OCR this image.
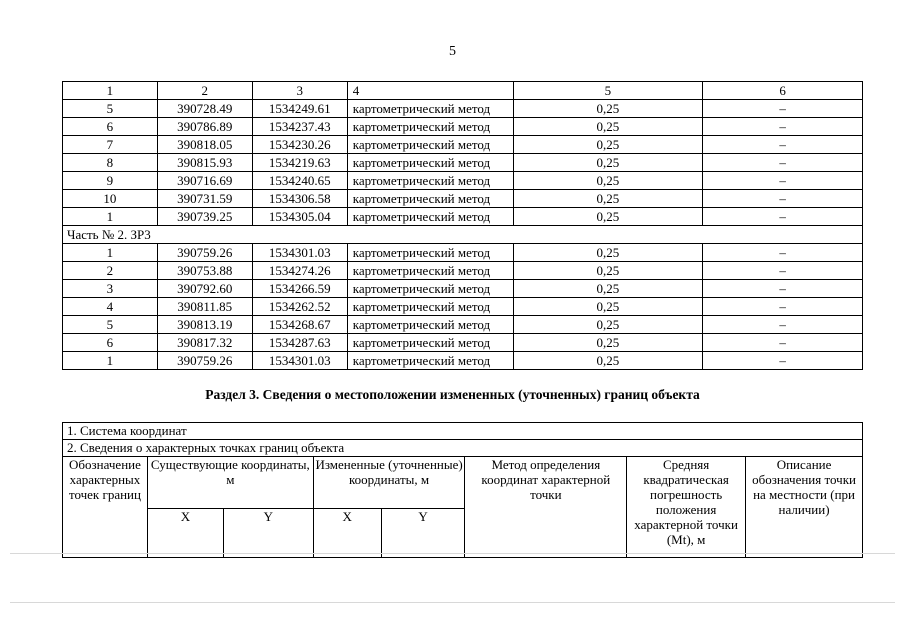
5
1	2	3	4	5	6
5	390728.49	1534249.61	картометрический метод	0,25	–
6	390786.89	1534237.43	картометрический метод	0,25	–
7	390818.05	1534230.26	картометрический метод	0,25	–
8	390815.93	1534219.63	картометрический метод	0,25	–
9	390716.69	1534240.65	картометрический метод	0,25	–
10	390731.59	1534306.58	картометрический метод	0,25	–
1	390739.25	1534305.04	картометрический метод	0,25	–
Часть № 2. ЗР3					
1	390759.26	1534301.03	картометрический метод	0,25	–
2	390753.88	1534274.26	картометрический метод	0,25	–
3	390792.60	1534266.59	картометрический метод	0,25	–
4	390811.85	1534262.52	картометрический метод	0,25	–
5	390813.19	1534268.67	картометрический метод	0,25	–
6	390817.32	1534287.63	картометрический метод	0,25	–
1	390759.26	1534301.03	картометрический метод	0,25	–
Раздел 3. Сведения о местоположении измененных (уточненных) границ объекта
1. Система координат							
2. Сведения о характерных точках границ объекта							
Обозначение характерных точек границ	Существующие координаты, м		Измененные (уточненные) координаты, м		Метод определения координат характерной точки	Средняя квадратическая погрешность положения характерной точки (Mt), м	Описание обозначения точки на местности (при наличии)
	X	Y	X	Y			
